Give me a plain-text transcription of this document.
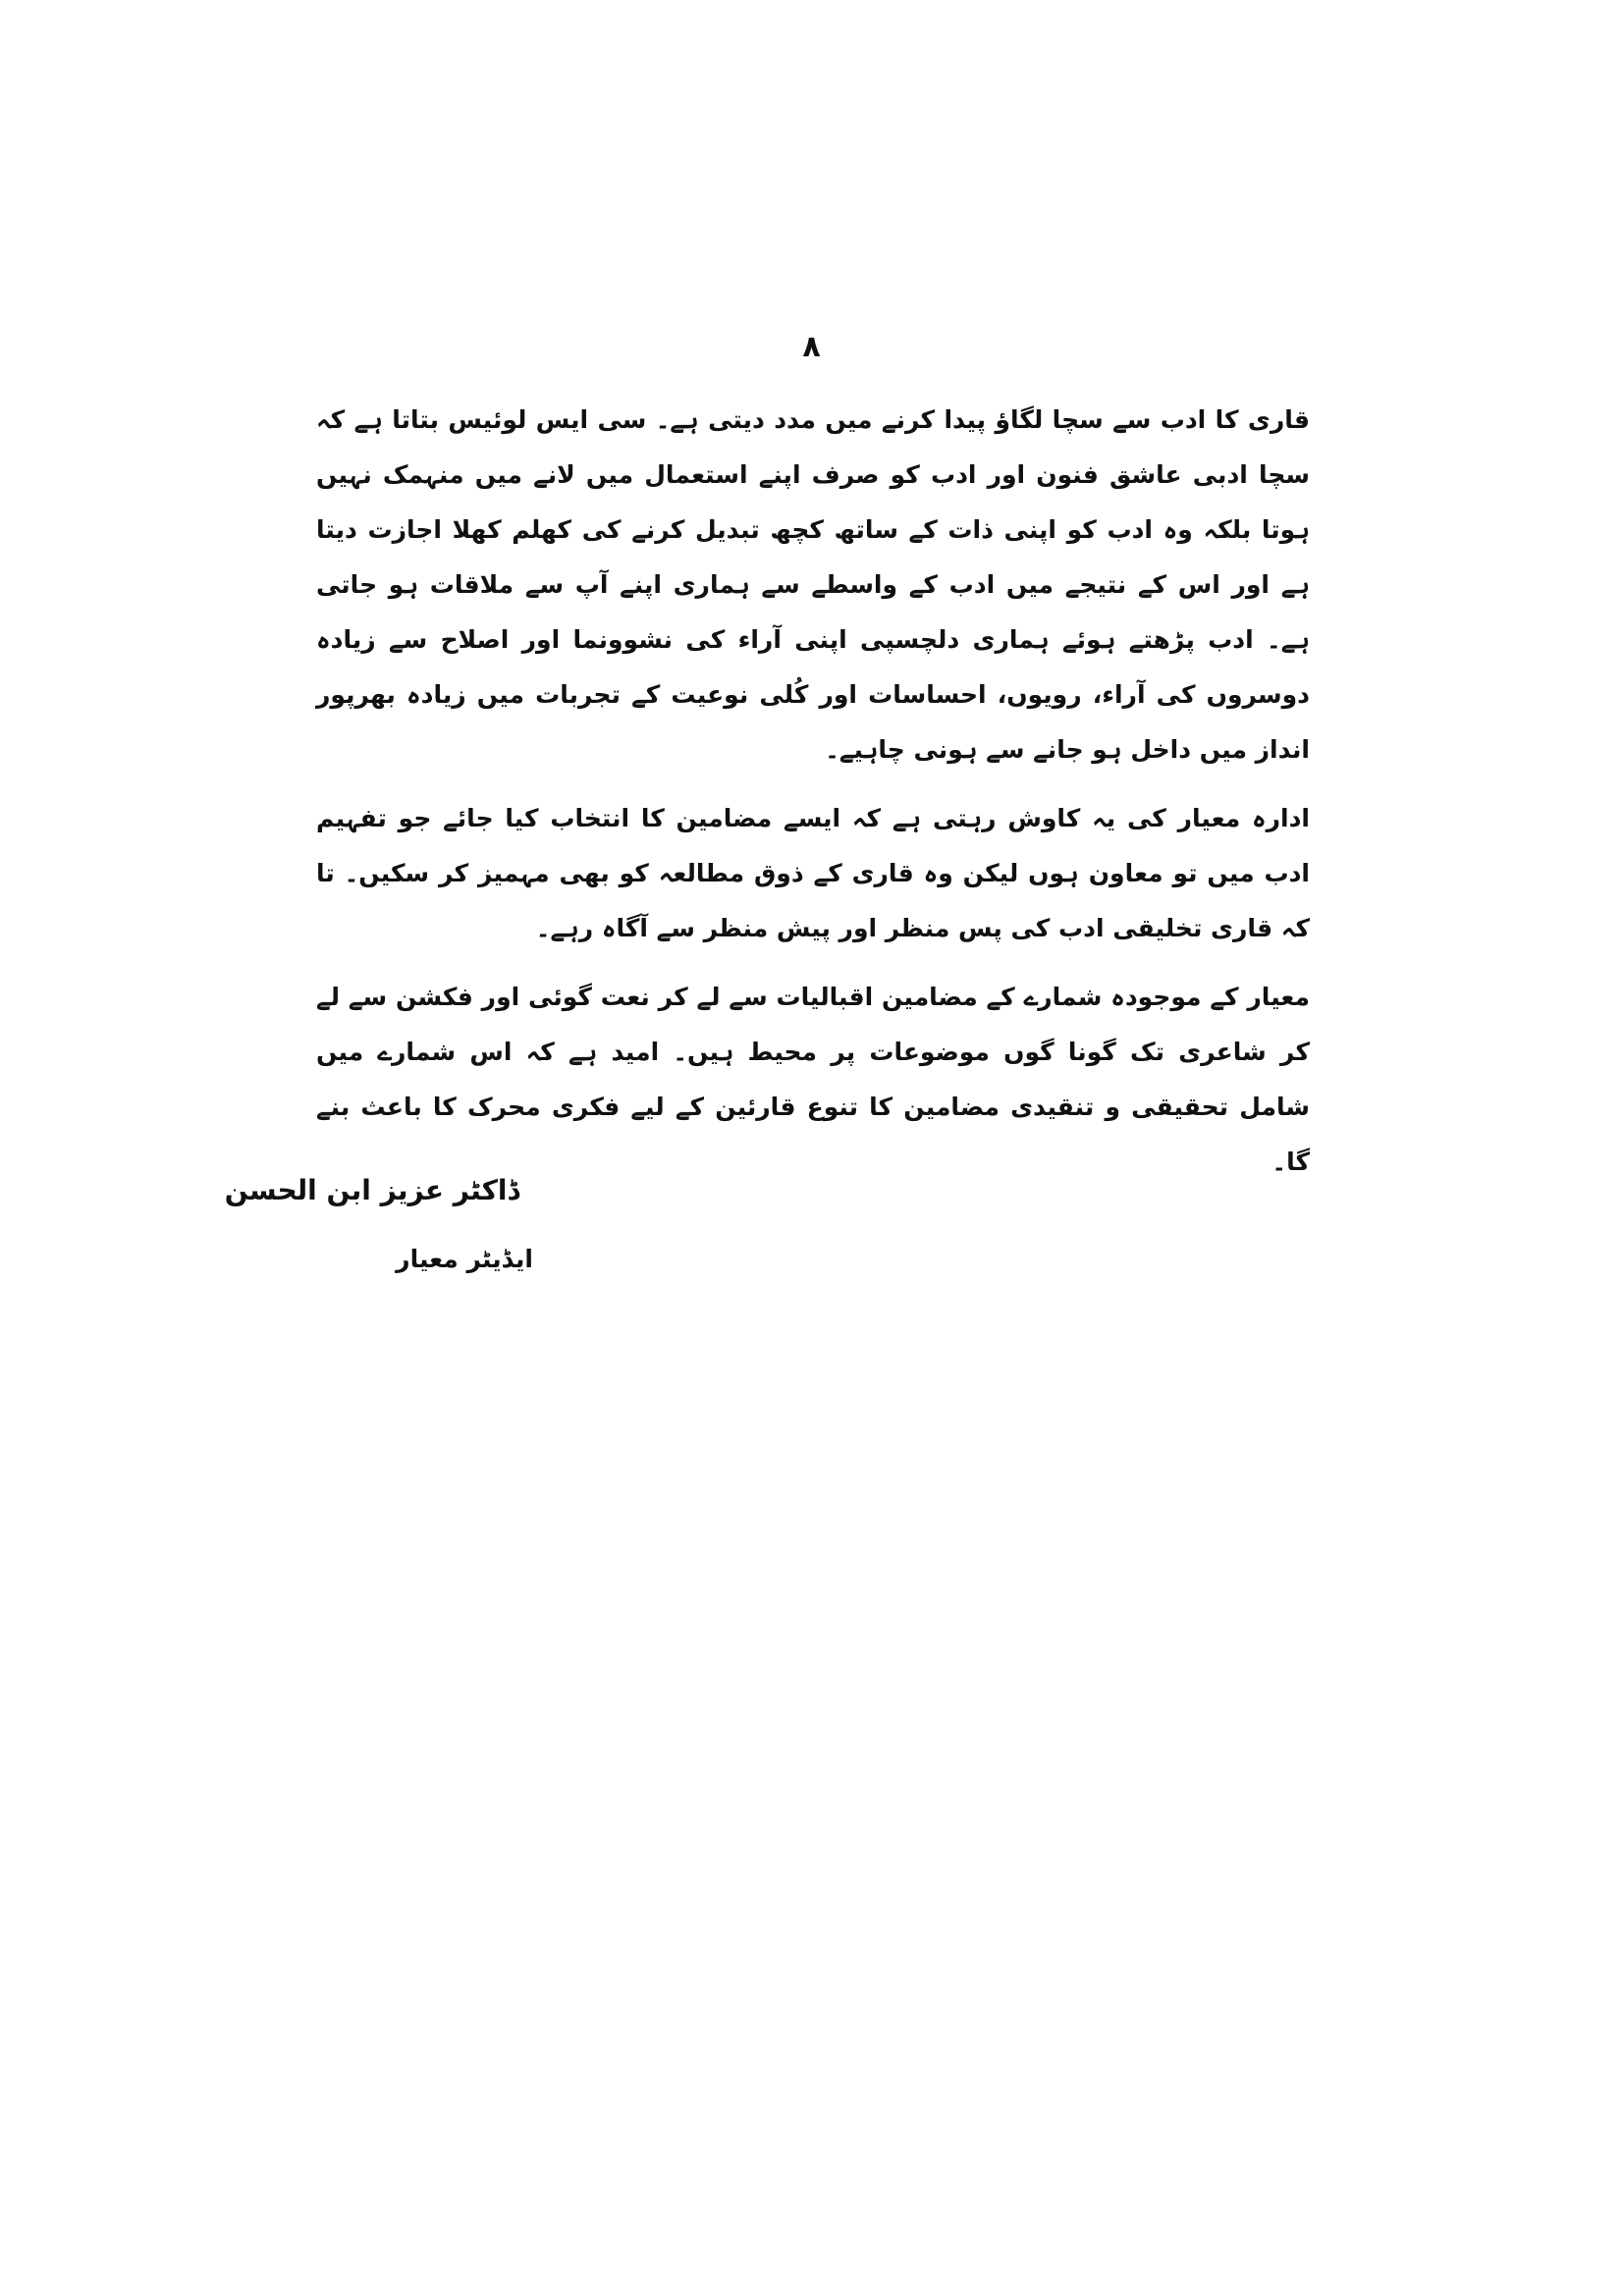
۸

قاری کا ادب سے سچا لگاؤ پیدا کرنے میں مدد دیتی ہے۔ سی ایس لوئیس بتاتا ہے کہ سچا ادبی عاشق فنون اور ادب کو صرف اپنے استعمال میں لانے میں منہمک نہیں ہوتا بلکہ وہ ادب کو اپنی ذات کے ساتھ کچھ تبدیل کرنے کی کھلم کھلا اجازت دیتا ہے اور اس کے نتیجے میں ادب کے واسطے سے ہماری اپنے آپ سے ملاقات ہو جاتی ہے۔ ادب پڑھتے ہوئے ہماری دلچسپی اپنی آراء کی نشوونما اور اصلاح سے زیادہ دوسروں کی آراء، رویوں، احساسات اور کُلی نوعیت کے تجربات میں زیادہ بھرپور انداز میں داخل ہو جانے سے ہونی چاہیے۔

ادارہ معیار کی یہ کاوش رہتی ہے کہ ایسے مضامین کا انتخاب کیا جائے جو تفہیم ادب میں تو معاون ہوں لیکن وہ قاری کے ذوق مطالعہ کو بھی مہمیز کر سکیں۔ تا کہ قاری تخلیقی ادب کی پس منظر اور پیش منظر سے آگاہ رہے۔

معیار کے موجودہ شمارے کے مضامین اقبالیات سے لے کر نعت گوئی اور فکشن سے لے کر شاعری تک گونا گوں موضوعات پر محیط ہیں۔ امید ہے کہ اس شمارے میں شامل تحقیقی و تنقیدی مضامین کا تنوع قارئین کے لیے فکری محرک کا باعث بنے گا۔

ڈاکٹر عزیز ابن الحسن
ایڈیٹر معیار
